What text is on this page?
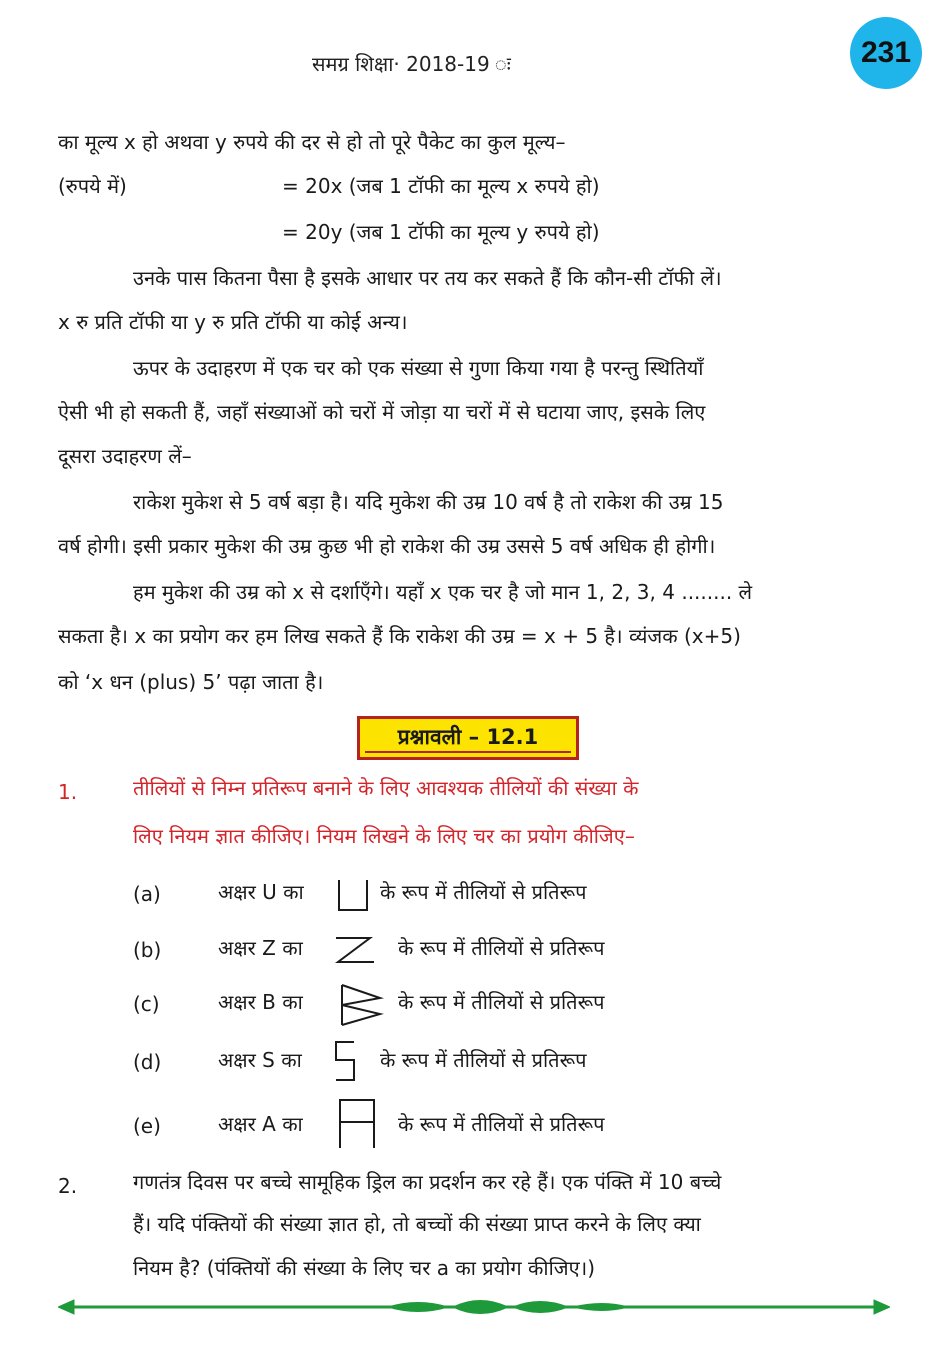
समग्र शिक्षा· 2018-19 ः	231
का मूल्य x हो अथवा y रुपये की दर से हो तो पूरे पैकेट का कुल मूल्य–
(रुपये में)	= 20x (जब 1 टॉफी का मूल्य x रुपये हो)
= 20y (जब 1 टॉफी का मूल्य y रुपये हो)
उनके पास कितना पैसा है इसके आधार पर तय कर सकते हैं कि कौन-सी टॉफी लें।
x रु प्रति टॉफी या y रु प्रति टॉफी या कोई अन्य।
ऊपर के उदाहरण में एक चर को एक संख्या से गुणा किया गया है परन्तु स्थितियाँ
ऐसी भी हो सकती हैं, जहाँ संख्याओं को चरों में जोड़ा या चरों में से घटाया जाए, इसके लिए
दूसरा उदाहरण लें–
राकेश मुकेश से 5 वर्ष बड़ा है। यदि मुकेश की उम्र 10 वर्ष है तो राकेश की उम्र 15
वर्ष होगी। इसी प्रकार मुकेश की उम्र कुछ भी हो राकेश की उम्र उससे 5 वर्ष अधिक ही होगी।
हम मुकेश की उम्र को x से दर्शाएँगे। यहाँ x एक चर है जो मान 1, 2, 3, 4 ........ ले
सकता है। x का प्रयोग कर हम लिख सकते हैं कि राकेश की उम्र = x + 5 है। व्यंजक (x+5)
को ‘x धन (plus) 5’ पढ़ा जाता है।
प्रश्नावली – 12.1
1.	तीलियों से निम्न प्रतिरूप बनाने के लिए आवश्यक तीलियों की संख्या के
लिए नियम ज्ञात कीजिए। नियम लिखने के लिए चर का प्रयोग कीजिए–
(a)	अक्षर U का	के रूप में तीलियों से प्रतिरूप
(b)	अक्षर Z का	के रूप में तीलियों से प्रतिरूप
(c)	अक्षर B का	के रूप में तीलियों से प्रतिरूप
(d)	अक्षर S का	के रूप में तीलियों से प्रतिरूप
(e)	अक्षर A का	के रूप में तीलियों से प्रतिरूप
2.	गणतंत्र दिवस पर बच्चे सामूहिक ड्रिल का प्रदर्शन कर रहे हैं। एक पंक्ति में 10 बच्चे
हैं। यदि पंक्तियों की संख्या ज्ञात हो, तो बच्चों की संख्या प्राप्त करने के लिए क्या
नियम है? (पंक्तियों की संख्या के लिए चर a का प्रयोग कीजिए।)
